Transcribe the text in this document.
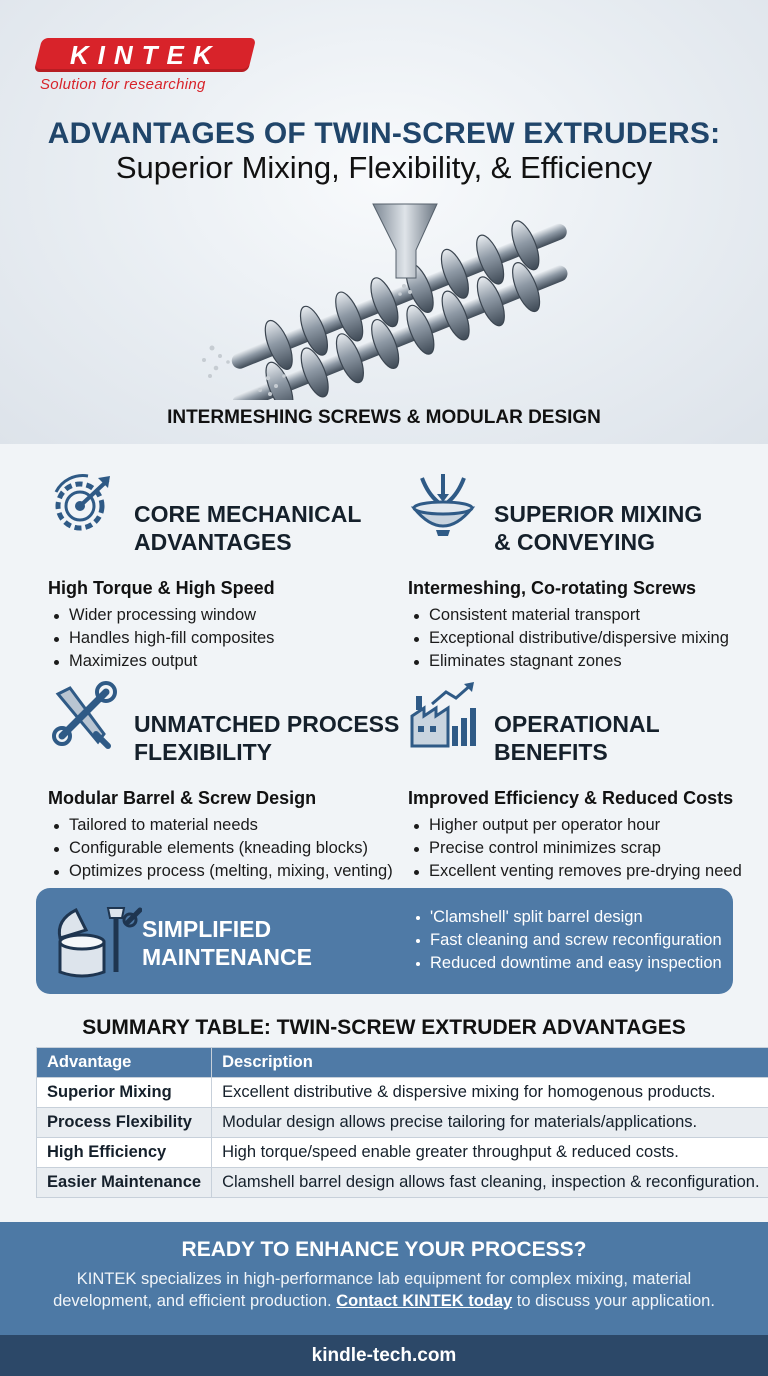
KINTEK
Solution for researching
ADVANTAGES OF TWIN-SCREW EXTRUDERS:
Superior Mixing, Flexibility, & Efficiency
INTERMESHING SCREWS & MODULAR DESIGN
CORE MECHANICAL
ADVANTAGES
High Torque & High Speed
Wider processing window
Handles high-fill composites
Maximizes output
SUPERIOR MIXING
& CONVEYING
Intermeshing, Co-rotating Screws
Consistent material transport
Exceptional distributive/dispersive mixing
Eliminates stagnant zones
UNMATCHED PROCESS
FLEXIBILITY
Modular Barrel & Screw Design
Tailored to material needs
Configurable elements (kneading blocks)
Optimizes process (melting, mixing, venting)
OPERATIONAL
BENEFITS
Improved Efficiency & Reduced Costs
Higher output per operator hour
Precise control minimizes scrap
Excellent venting removes pre-drying need
SIMPLIFIED
MAINTENANCE
'Clamshell' split barrel design
Fast cleaning and screw reconfiguration
Reduced downtime and easy inspection
SUMMARY TABLE: TWIN-SCREW EXTRUDER ADVANTAGES
Advantage	Description
Superior Mixing	Excellent distributive & dispersive mixing for homogenous products.
Process Flexibility	Modular design allows precise tailoring for materials/applications.
High Efficiency	High torque/speed enable greater throughput & reduced costs.
Easier Maintenance	Clamshell barrel design allows fast cleaning, inspection & reconfiguration.
READY TO ENHANCE YOUR PROCESS?
KINTEK specializes in high-performance lab equipment for complex mixing, material development, and efficient production. Contact KINTEK today to discuss your application.
kindle-tech.com
